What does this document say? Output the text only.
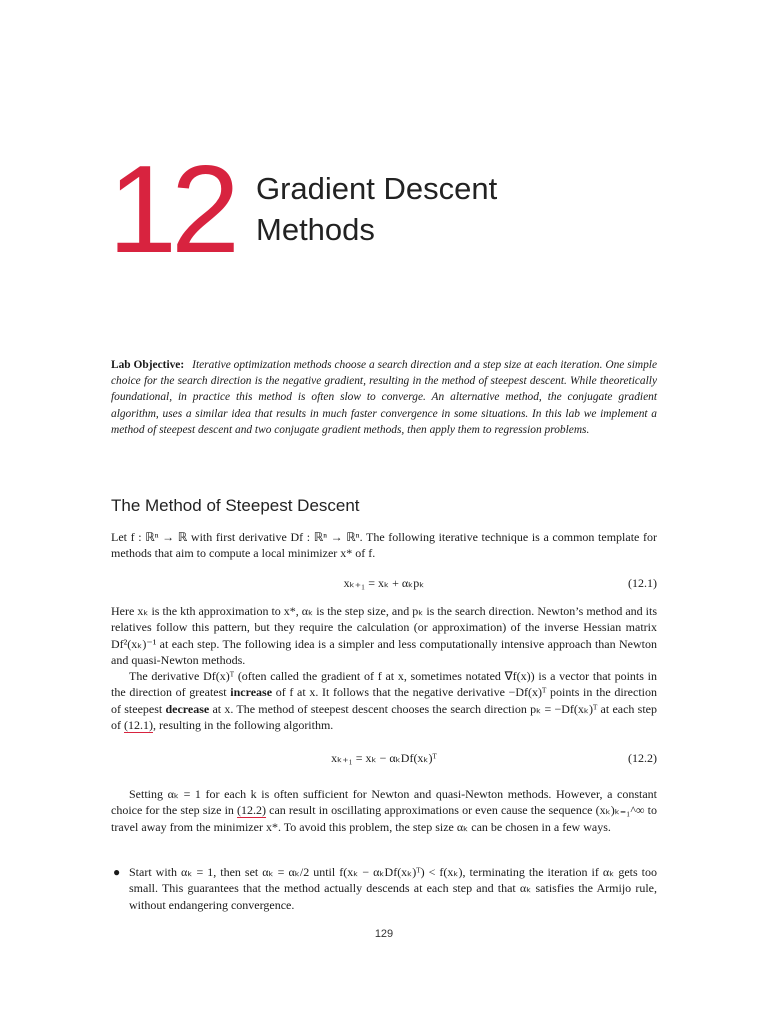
12 Gradient Descent
Methods
Lab Objective: Iterative optimization methods choose a search direction and a step size at each iteration. One simple choice for the search direction is the negative gradient, resulting in the method of steepest descent. While theoretically foundational, in practice this method is often slow to converge. An alternative method, the conjugate gradient algorithm, uses a similar idea that results in much faster convergence in some situations. In this lab we implement a method of steepest descent and two conjugate gradient methods, then apply them to regression problems.
The Method of Steepest Descent

Let f : ℝⁿ → ℝ with first derivative Df : ℝⁿ → ℝⁿ. The following iterative technique is a common template for methods that aim to compute a local minimizer x* of f.

xₖ₊₁ = xₖ + αₖpₖ	(12.1)

Here xₖ is the kth approximation to x*, αₖ is the step size, and pₖ is the search direction. Newton’s method and its relatives follow this pattern, but they require the calculation (or approximation) of the inverse Hessian matrix Df²(xₖ)⁻¹ at each step. The following idea is a simpler and less computationally intensive approach than Newton and quasi-Newton methods.

The derivative Df(x)ᵀ (often called the gradient of f at x, sometimes notated ∇f(x)) is a vector that points in the direction of greatest increase of f at x. It follows that the negative derivative −Df(x)ᵀ points in the direction of steepest decrease at x. The method of steepest descent chooses the search direction pₖ = −Df(xₖ)ᵀ at each step of (12.1), resulting in the following algorithm.

xₖ₊₁ = xₖ − αₖDf(xₖ)ᵀ	(12.2)

Setting αₖ = 1 for each k is often sufficient for Newton and quasi-Newton methods. However, a constant choice for the step size in (12.2) can result in oscillating approximations or even cause the sequence (xₖ)ₖ₌₁^∞ to travel away from the minimizer x*. To avoid this problem, the step size αₖ can be chosen in a few ways.

● Start with αₖ = 1, then set αₖ = αₖ/2 until f(xₖ − αₖDf(xₖ)ᵀ) < f(xₖ), terminating the iteration if αₖ gets too small. This guarantees that the method actually descends at each step and that αₖ satisfies the Armijo rule, without endangering convergence.
129
